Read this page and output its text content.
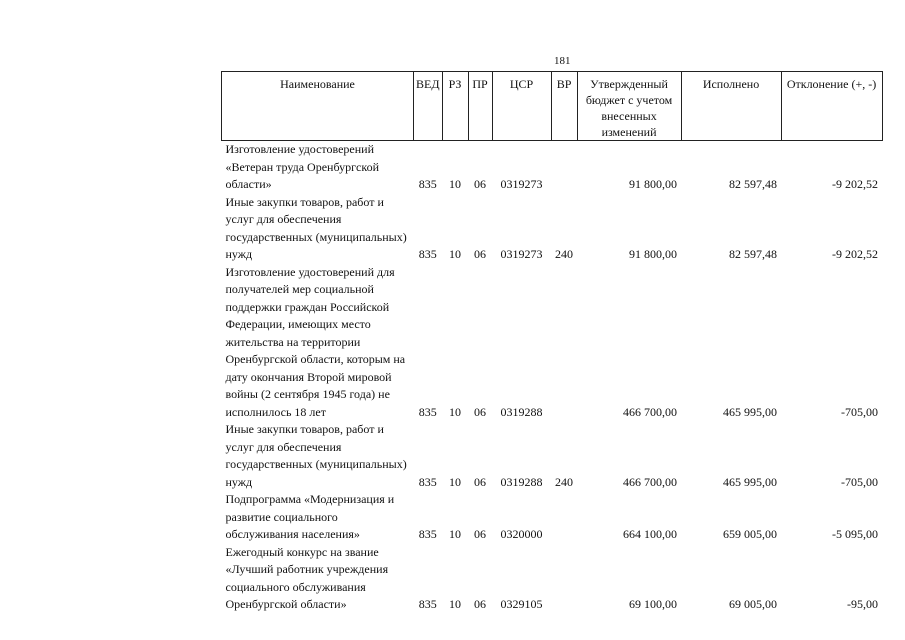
181
Наименование	ВЕД	РЗ	ПР	ЦСР	ВР	Утвержденный бюджет с учетом внесенных изменений	Исполнено	Отклонение (+, -)
Изготовление удостоверений «Ветеран труда Оренбургской области»	835	10	06	0319273		91 800,00	82 597,48	-9 202,52
Иные закупки товаров, работ и услуг для обеспечения государственных (муниципальных) нужд	835	10	06	0319273	240	91 800,00	82 597,48	-9 202,52
Изготовление удостоверений для получателей мер социальной поддержки граждан Российской Федерации, имеющих место жительства на территории Оренбургской области, которым на дату окончания Второй мировой войны (2 сентября 1945 года) не исполнилось 18 лет	835	10	06	0319288		466 700,00	465 995,00	-705,00
Иные закупки товаров, работ и услуг для обеспечения государственных (муниципальных) нужд	835	10	06	0319288	240	466 700,00	465 995,00	-705,00
Подпрограмма «Модернизация и развитие социального обслуживания населения»	835	10	06	0320000		664 100,00	659 005,00	-5 095,00
Ежегодный конкурс на звание «Лучший работник учреждения социального обслуживания Оренбургской области»	835	10	06	0329105		69 100,00	69 005,00	-95,00
